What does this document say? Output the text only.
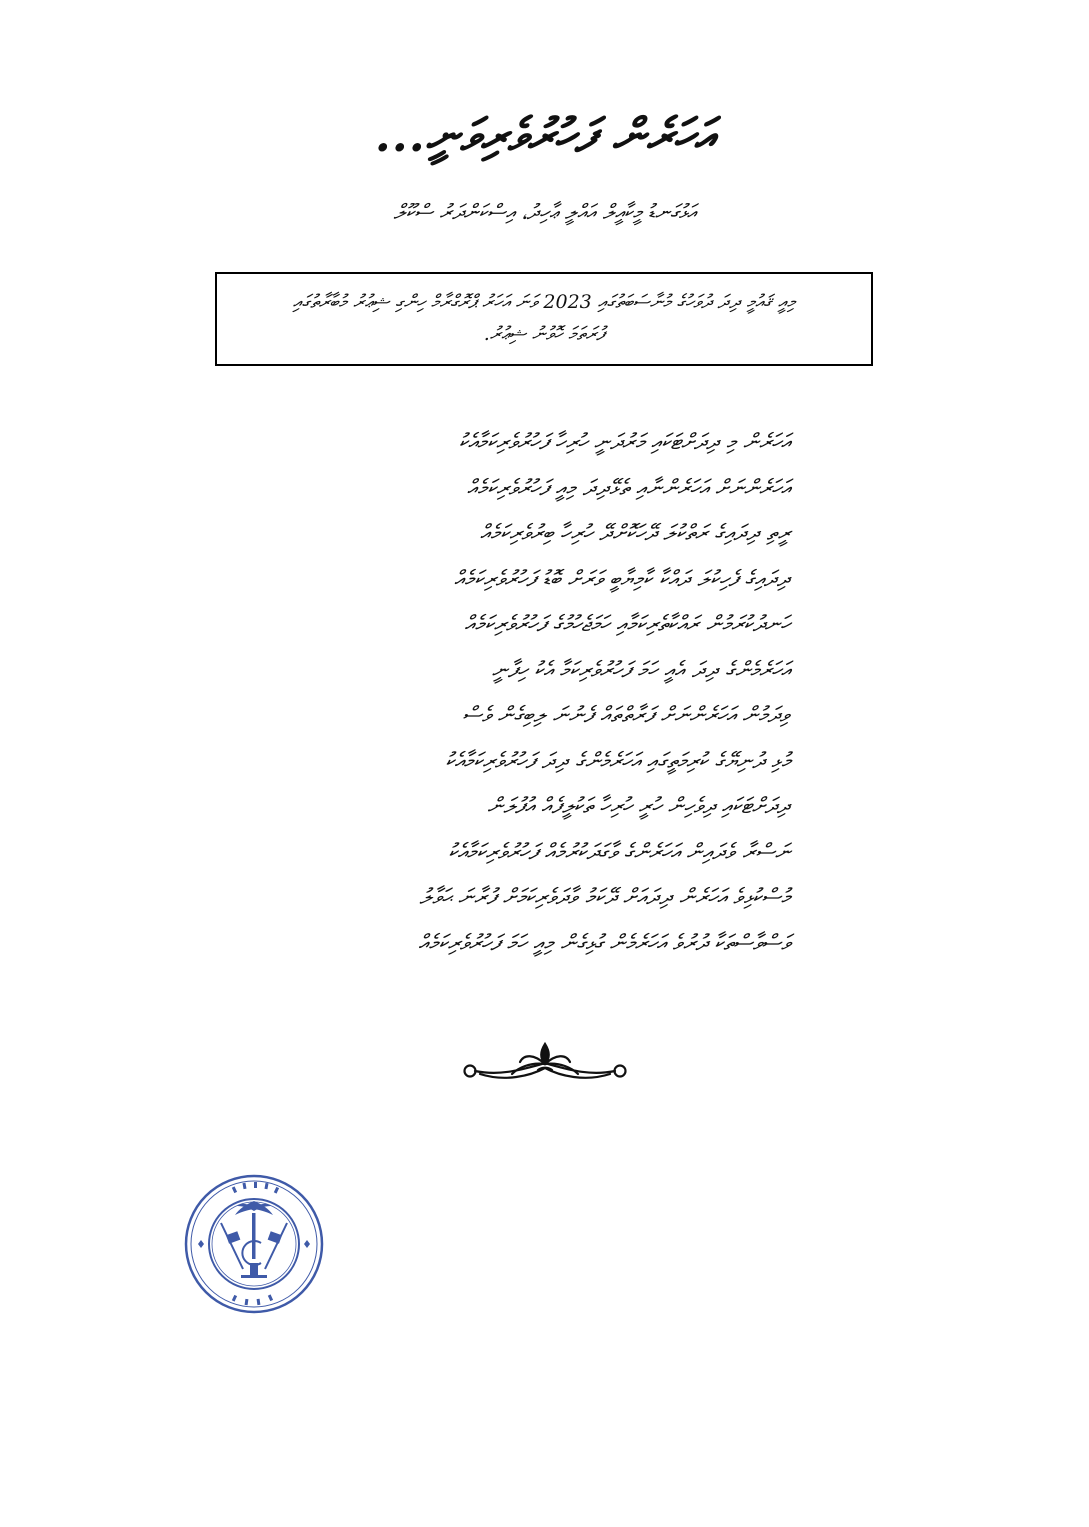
އަހަރެން ފަހުރުވެރިވަނީ...
އަޅުގަނޑު މީކާއީލް އައްލީ ޢާހިދު، އިސްކަންދަރު ސްކޫލް
މިއީ ޤައުމީ ދިދަ ދުވަހުގެ މުނާސަބަތުގައި 2023 ވަނަ އަހަރު ޕްރޮގްރާމް ހިންގި ޝިޢުރު މުބާރާތުގައި
ފުރަތަމަ ހޮވުނު ޝިޢުރު.
އަހަރެން މި ދިދަށްޓަކައި މަރުދަނީ ހުރިހާ ފަހުރުވެރިކަމާއެކު
އަހަރެންނަށް އަހަރެންނާއި ތެޅޭދިދަ މިއީ ފަހުރުވެރިކަމެއް
ރީތި ދިދައިގެ ރަތްކުލަ ދޭހަކޮށްދޭ ހުރިހާ ބިރުވެރިކަމެއް
ދިދައިގެ ފެހިކުލަ ދައްކާ ކާމިޔާބީ ވަރަށް ބޮޑު ފަހުރުވެރިކަމެއް
ހަނދުކުރަމުން ރައްކާތެރިކަމާއި ހަމަޖެހުމުގެ ފަހުރުވެރިކަމެއް
އަހަރެމެންގެ ދިދަ އެއީ ހަމަ ފަހުރުވެރިކަމާ އެކު ހިފާނީ
ވިދަމުން އަހަރެންނަށް ފަރާތްތައް ފެނުނަ ލިބިގެން ވެސް
މުޅި ދުނިޔޭގެ ކުރިމަތީގައި އަހަރެމެންގެ ދިދަ ފަހުރުވެރިކަމާއެކު
ދިދަށްޓަކައި ދިވެހިން ހުރީ ހުރިހާ ތަކުލީފެއް އުފުލަން
ނަސްރާ ވެދައިން އަހަރެންގެ ވާގަދަކުރުމެއް ފަހުރުވެރިކަމާއެކު
މުސްކުޅިވެ އަހަރެން ދިދައަށް ދޭކަމު ވާދަވެރިކަމަށް ފުރާނަ ޙަވާލު
ވަސްވާސްތަކާ ދުރުވެ އަހަރެމެން ގުޅިގެން މިއީ ހަމަ ފަހުރުވެރިކަމެއް
